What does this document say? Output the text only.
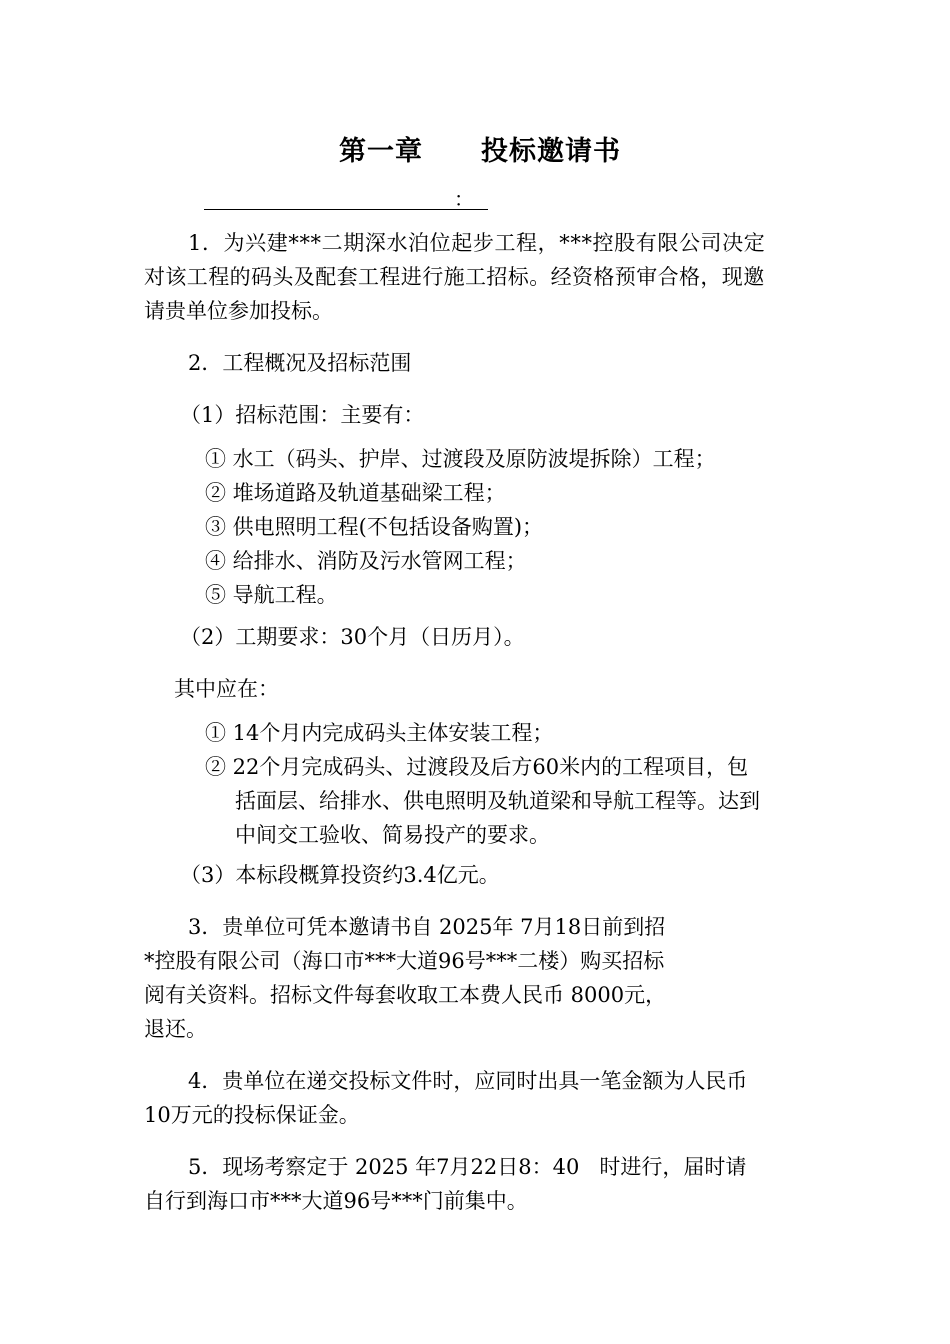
第一章 投标邀请书
：

1．为兴建***二期深水泊位起步工程，***控股有限公司决定

对该工程的码头及配套工程进行施工招标。经资格预审合格，现邀

请贵单位参加投标。

2．工程概况及招标范围

（1）招标范围：主要有：

① 水工（码头、护岸、过渡段及原防波堤拆除）工程；

② 堆场道路及轨道基础梁工程；

③ 供电照明工程(不包括设备购置)；

④ 给排水、消防及污水管网工程；

⑤ 导航工程。

（2）工期要求：30个月（日历月）。

其中应在：

① 14个月内完成码头主体安装工程；

② 22个月完成码头、过渡段及后方60米内的工程项目，包

括面层、给排水、供电照明及轨道梁和导航工程等。达到

中间交工验收、简易投产的要求。

（3）本标段概算投资约3.4亿元。

3．贵单位可凭本邀请书自 2025年 7月18日前到招

*控股有限公司（海口市***大道96号***二楼）购买招标

阅有关资料。招标文件每套收取工本费人民币 8000元，

退还。

4．贵单位在递交投标文件时，应同时出具一笔金额为人民币

10万元的投标保证金。

5．现场考察定于 2025 年7月22日8：40   时进行，届时请

自行到海口市***大道96号***门前集中。
